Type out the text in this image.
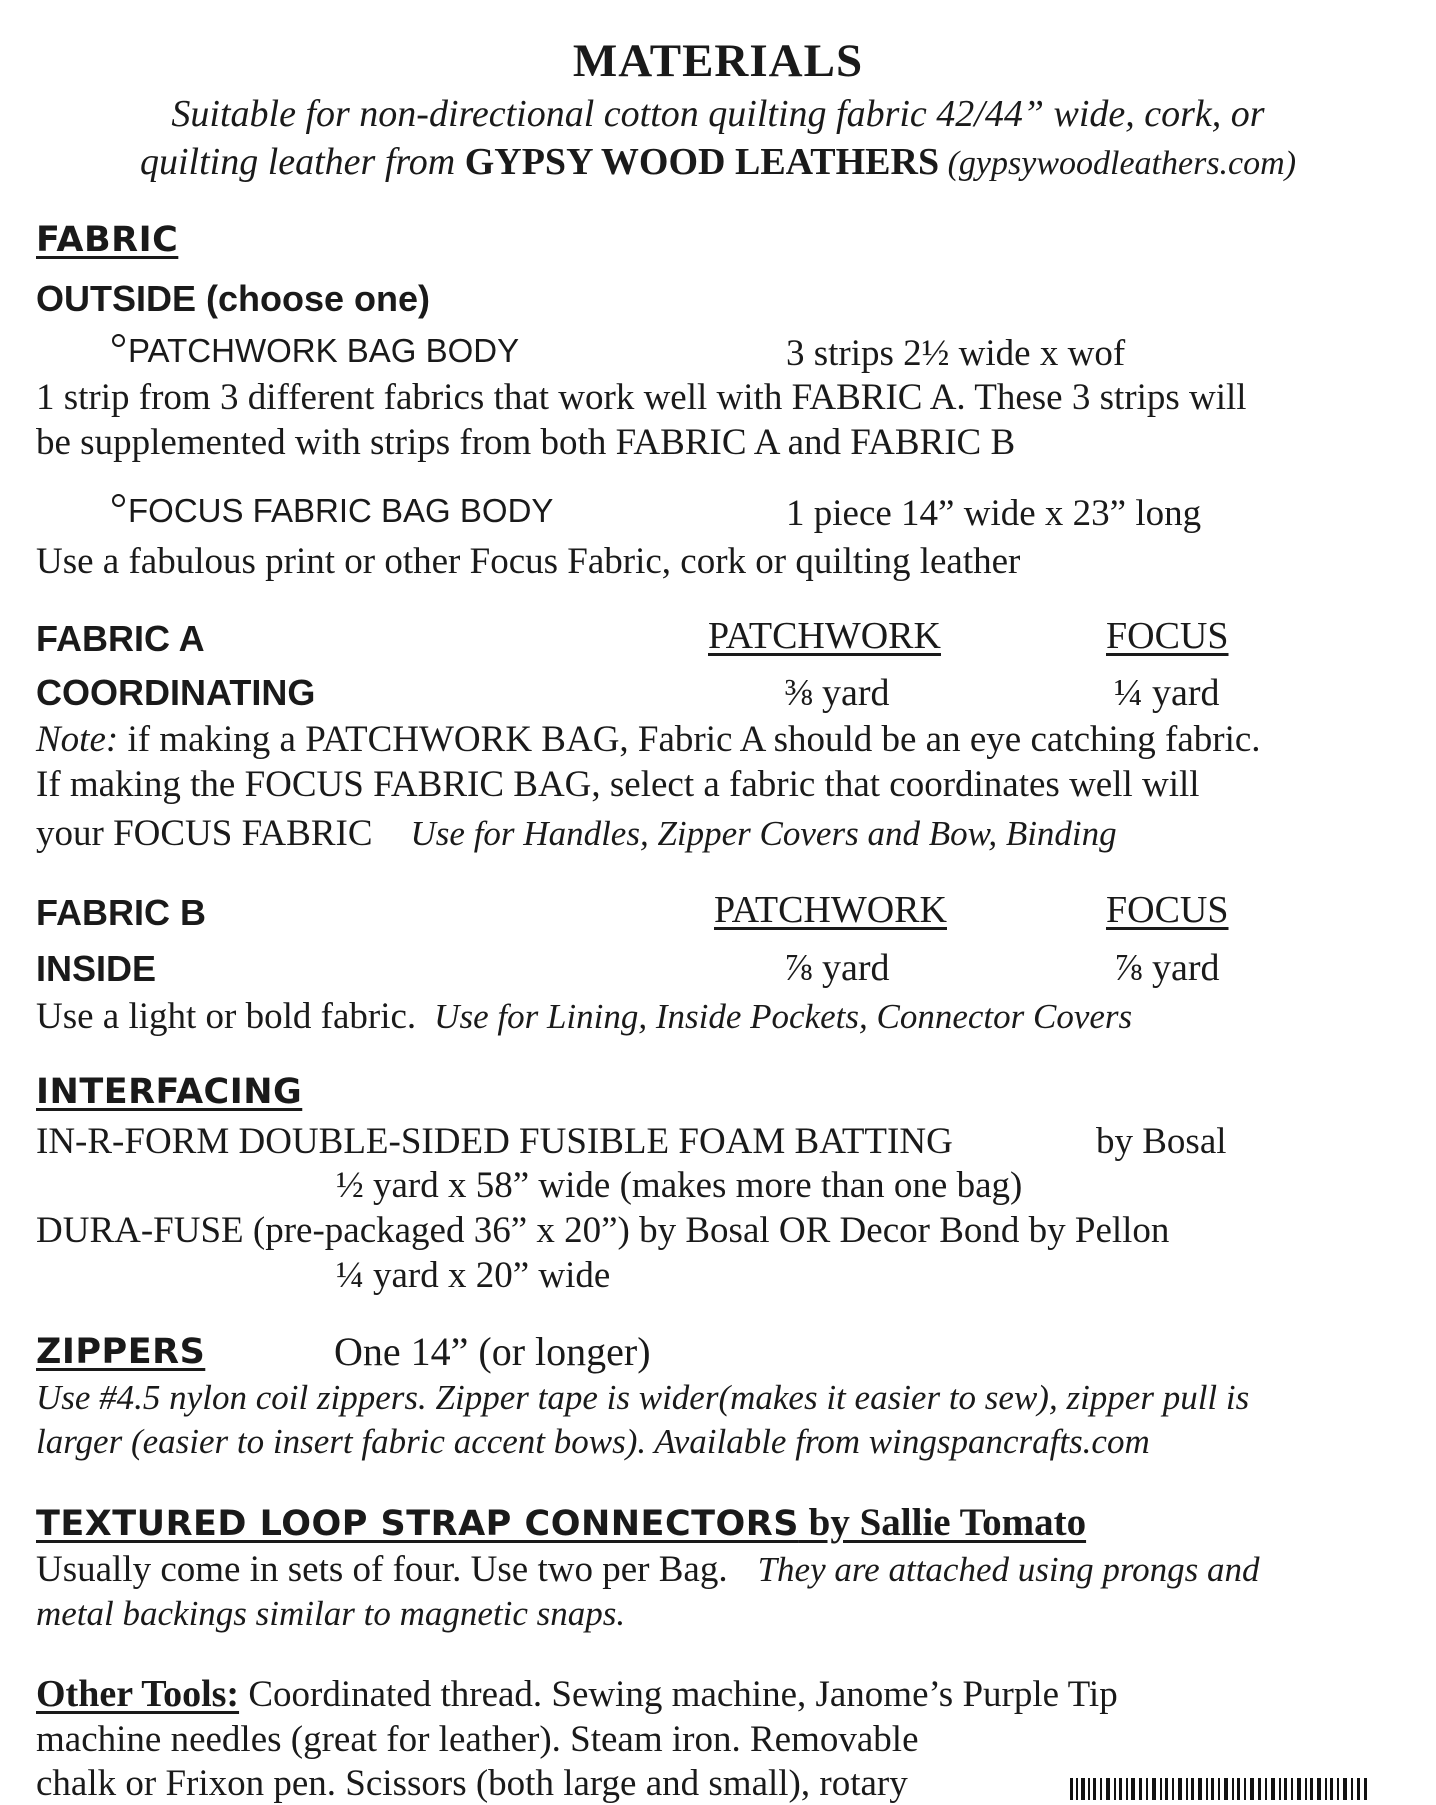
MATERIALS
Suitable for non-directional cotton quilting fabric 42/44” wide, cork, or
quilting leather from GYPSY WOOD LEATHERS (gypsywoodleathers.com)
FABRIC
OUTSIDE (choose one)
PATCHWORK BAG BODY	3 strips 2½ wide x wof
1 strip from 3 different fabrics that work well with FABRIC A. These 3 strips will
be supplemented with strips from both FABRIC A and FABRIC B
FOCUS FABRIC BAG BODY	1 piece 14” wide x 23” long
Use a fabulous print or other Focus Fabric, cork or quilting leather
FABRIC A	PATCHWORK	FOCUS
COORDINATING	⅜ yard	¼ yard
Note: if making a PATCHWORK BAG, Fabric A should be an eye catching fabric.
If making the FOCUS FABRIC BAG, select a fabric that coordinates well will
your FOCUS FABRIC Use for Handles, Zipper Covers and Bow, Binding
FABRIC B	PATCHWORK	FOCUS
INSIDE	⅞ yard	⅞ yard
Use a light or bold fabric. Use for Lining, Inside Pockets, Connector Covers
INTERFACING
IN-R-FORM DOUBLE-SIDED FUSIBLE FOAM BATTING	by Bosal
½ yard x 58” wide (makes more than one bag)
DURA-FUSE (pre-packaged 36” x 20”) by Bosal OR Decor Bond by Pellon
¼ yard x 20” wide
ZIPPERS	One 14” (or longer)
Use #4.5 nylon coil zippers. Zipper tape is wider(makes it easier to sew), zipper pull is
larger (easier to insert fabric accent bows). Available from wingspancrafts.com
TEXTURED LOOP STRAP CONNECTORS by Sallie Tomato
Usually come in sets of four. Use two per Bag. They are attached using prongs and
metal backings similar to magnetic snaps.
Other Tools: Coordinated thread. Sewing machine, Janome’s Purple Tip
machine needles (great for leather). Steam iron. Removable
chalk or Frixon pen. Scissors (both large and small), rotary
